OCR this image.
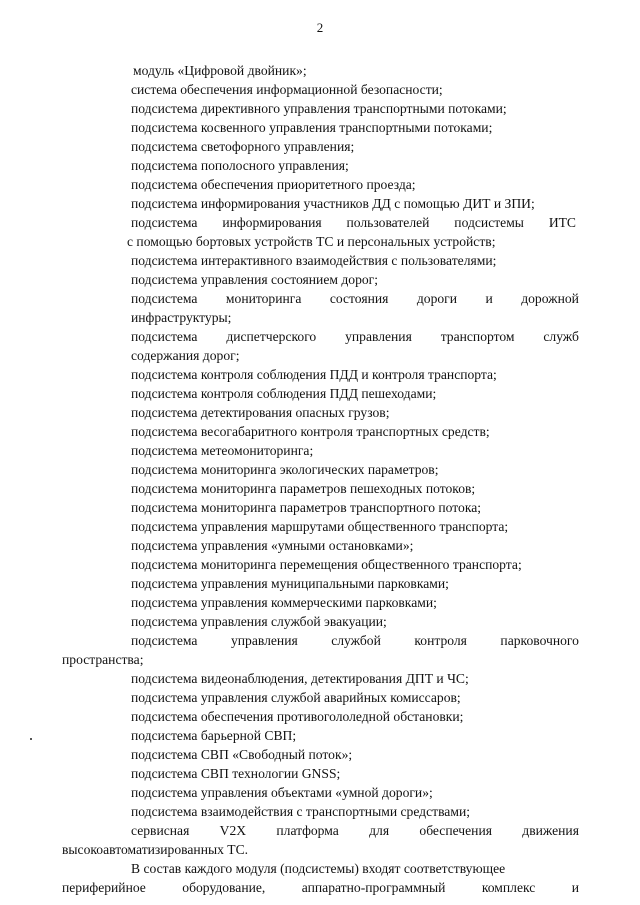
2
модуль «Цифровой двойник»;
система обеспечения информационной безопасности;
подсистема директивного управления транспортными потоками;
подсистема косвенного управления транспортными потоками;
подсистема светофорного управления;
подсистема пополосного управления;
подсистема обеспечения приоритетного проезда;
подсистема информирования участников ДД с помощью ДИТ и ЗПИ;
подсистема информирования пользователей подсистемы ИТС
с помощью бортовых устройств ТС и персональных устройств;
подсистема интерактивного взаимодействия с пользователями;
подсистема управления состоянием дорог;
подсистема мониторинга состояния дороги и дорожной
инфраструктуры;
подсистема диспетчерского управления транспортом служб
содержания дорог;
подсистема контроля соблюдения ПДД и контроля транспорта;
подсистема контроля соблюдения ПДД пешеходами;
подсистема детектирования опасных грузов;
подсистема весогабаритного контроля транспортных средств;
подсистема метеомониторинга;
подсистема мониторинга экологических параметров;
подсистема мониторинга параметров пешеходных потоков;
подсистема мониторинга параметров транспортного потока;
подсистема управления маршрутами общественного транспорта;
подсистема управления «умными остановками»;
подсистема мониторинга перемещения общественного транспорта;
подсистема управления муниципальными парковками;
подсистема управления коммерческими парковками;
подсистема управления службой эвакуации;
подсистема управления службой контроля парковочного
пространства;
подсистема видеонаблюдения, детектирования ДПТ и ЧС;
подсистема управления службой аварийных комиссаров;
подсистема обеспечения противогололедной обстановки;
подсистема барьерной СВП;
подсистема СВП «Свободный поток»;
подсистема СВП технологии GNSS;
подсистема управления объектами «умной дороги»;
подсистема взаимодействия с транспортными средствами;
сервисная V2X платформа для обеспечения движения
высокоавтоматизированных ТС.
В состав каждого модуля (подсистемы) входят соответствующее
периферийное	оборудование,	аппаратно-программный	комплекс	и
